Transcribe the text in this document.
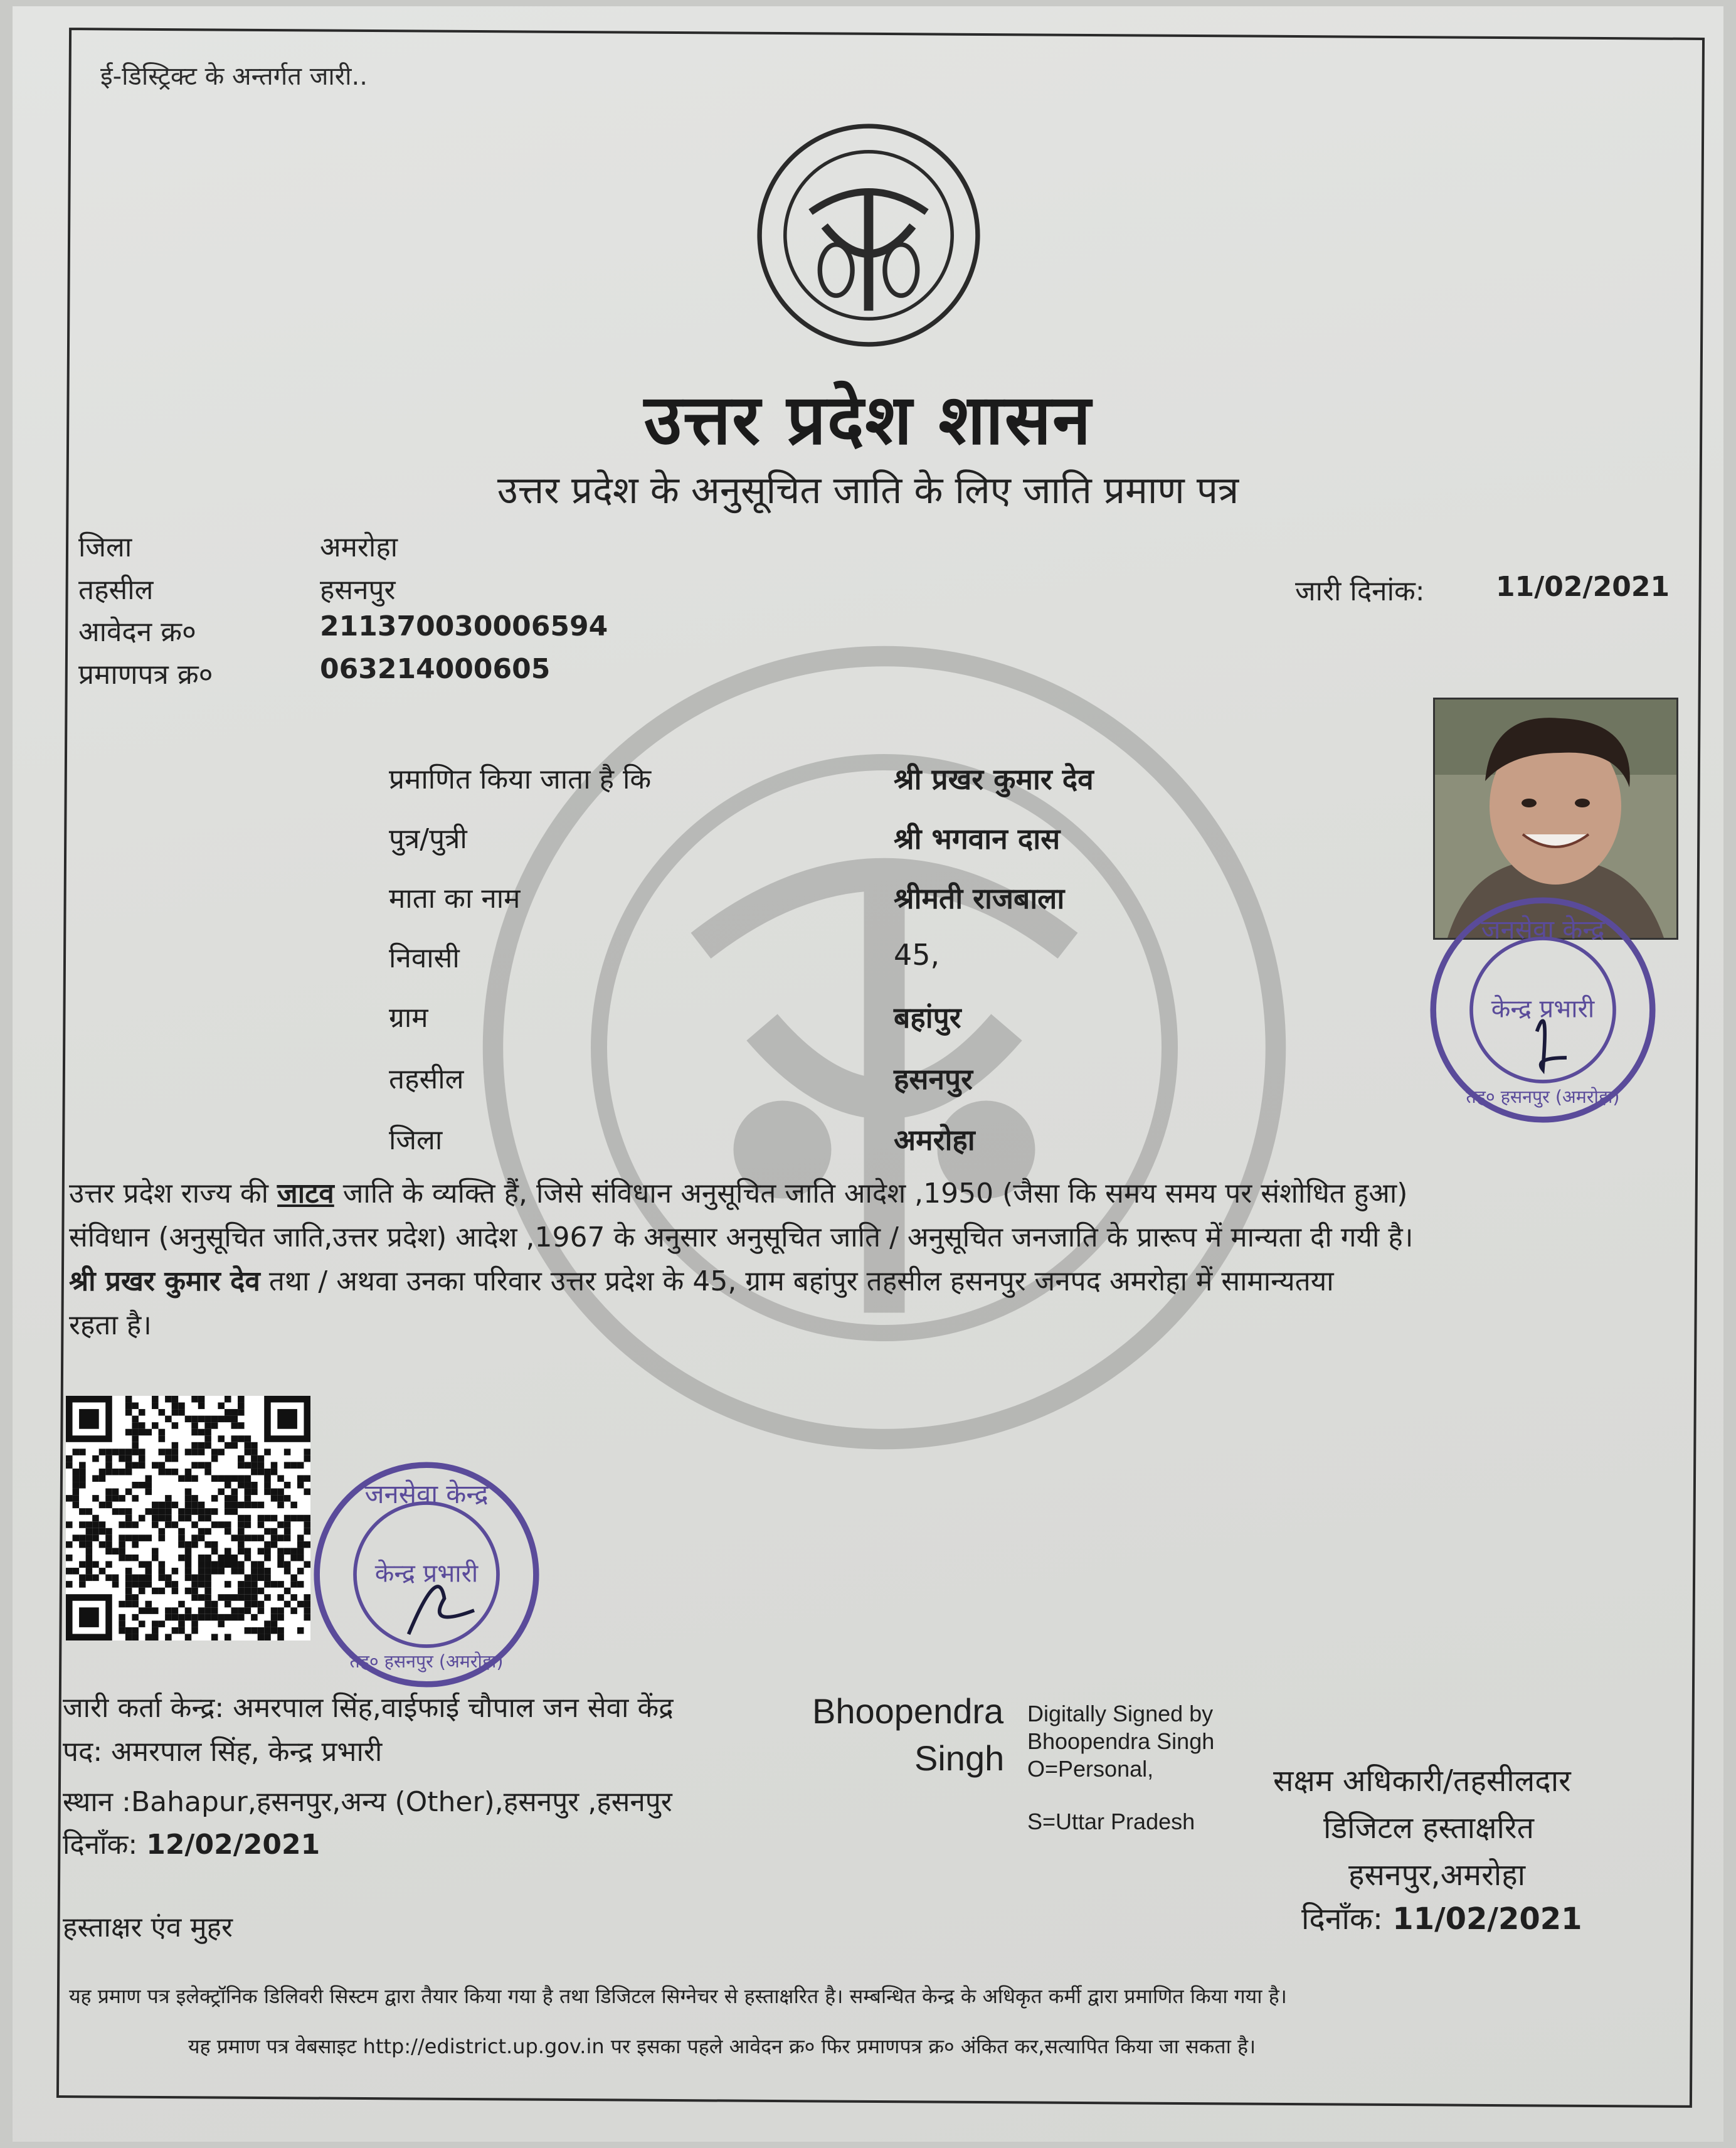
ई-डिस्ट्रिक्ट के अन्तर्गत जारी..
उत्तर प्रदेश शासन
उत्तर प्रदेश के अनुसूचित जाति के लिए जाति प्रमाण पत्र
जिला	अमरोहा
तहसील	हसनपुर
आवेदन क्र०	211370030006594
प्रमाणपत्र क्र०	063214000605
जारी दिनांक:	11/02/2021
जनसेवा केन्द्र
केन्द्र प्रभारी
तह० हसनपुर (अमरोहा)
प्रमाणित किया जाता है कि	श्री प्रखर कुमार देव
पुत्र/पुत्री	श्री भगवान दास
माता का नाम	श्रीमती राजबाला
निवासी	45,
ग्राम	बहांपुर
तहसील	हसनपुर
जिला	अमरोहा
उत्तर प्रदेश राज्य की जाटव जाति के व्यक्ति हैं, जिसे संविधान अनुसूचित जाति आदेश ,1950 (जैसा कि समय समय पर संशोधित हुआ)
संविधान (अनुसूचित जाति,उत्तर प्रदेश) आदेश ,1967 के अनुसार अनुसूचित जाति / अनुसूचित जनजाति के प्रारूप में मान्यता दी गयी है।
श्री प्रखर कुमार देव तथा / अथवा उनका परिवार उत्तर प्रदेश के 45, ग्राम बहांपुर तहसील हसनपुर जनपद अमरोहा में सामान्यतया
रहता है।
जनसेवा केन्द्र
केन्द्र प्रभारी
तह० हसनपुर (अमरोहा)
जारी कर्ता केन्द्र: अमरपाल सिंह,वाईफाई चौपाल जन सेवा केंद्र
पद: अमरपाल सिंह, केन्द्र प्रभारी
स्थान :Bahapur,हसनपुर,अन्य (Other),हसनपुर ,हसनपुर
दिनाँक: 12/02/2021
हस्ताक्षर एंव मुहर
Bhoopendra
Singh
Digitally Signed by
Bhoopendra Singh
O=Personal,
S=Uttar Pradesh
सक्षम अधिकारी/तहसीलदार
डिजिटल हस्ताक्षरित
हसनपुर,अमरोहा
दिनाँक: 11/02/2021
यह प्रमाण पत्र इलेक्ट्रॉनिक डिलिवरी सिस्टम द्वारा तैयार किया गया है तथा डिजिटल सिग्नेचर से हस्ताक्षरित है। सम्बन्धित केन्द्र के अधिकृत कर्मी द्वारा प्रमाणित किया गया है।
यह प्रमाण पत्र वेबसाइट http://edistrict.up.gov.in पर इसका पहले आवेदन क्र० फिर प्रमाणपत्र क्र० अंकित कर,सत्यापित किया जा सकता है।
